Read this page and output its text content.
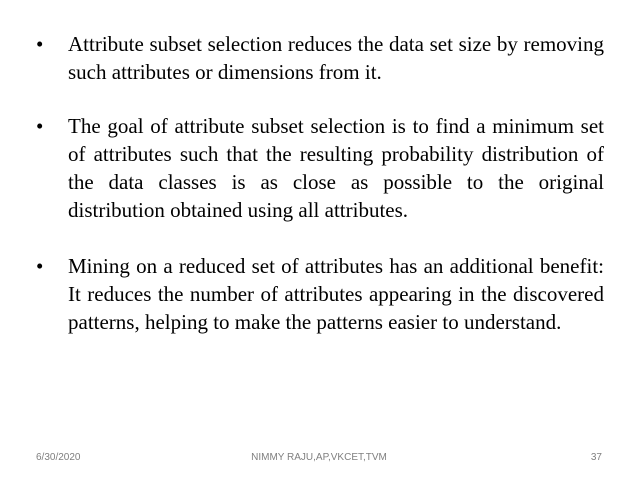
• Attribute subset selection reduces the data set size by removing such attributes or dimensions from it.
• The goal of attribute subset selection is to find a minimum set of attributes such that the resulting probability distribution of the data classes is as close as possible to the original distribution obtained using all attributes.
• Mining on a reduced set of attributes has an additional benefit: It reduces the number of attributes appearing in the discovered patterns, helping to make the patterns easier to understand.
NIMMY RAJU,AP,VKCET,TVM
6/30/2020	37
